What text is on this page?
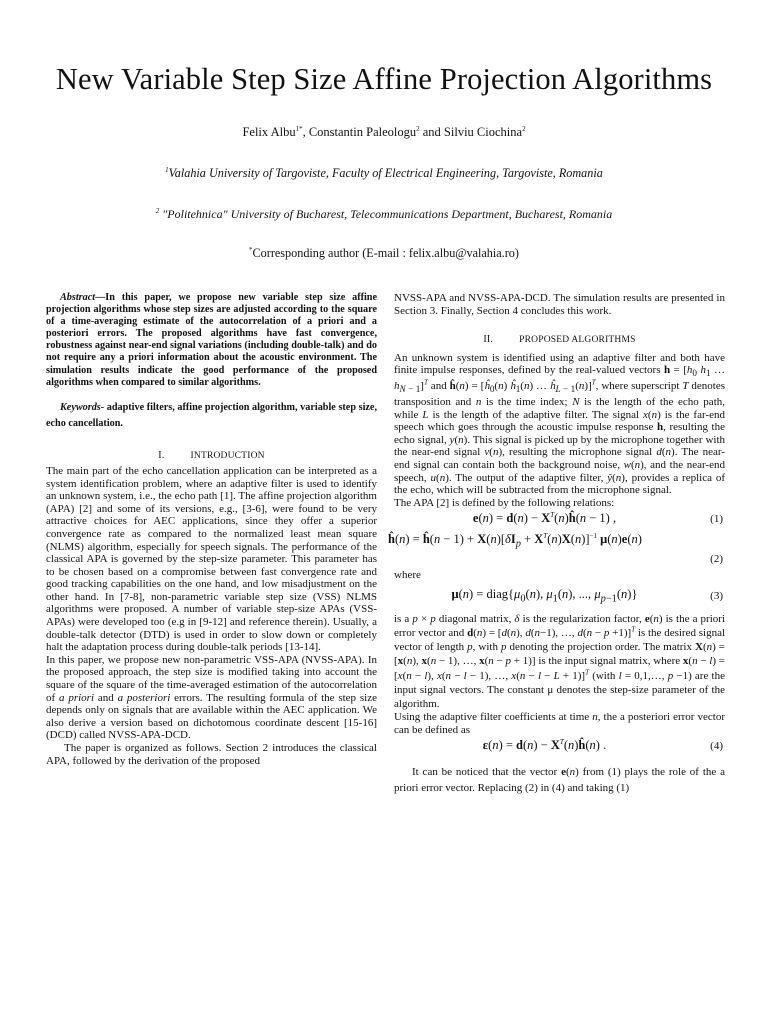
New Variable Step Size Affine Projection Algorithms
Felix Albu$^{1*}$, Constantin Paleologu$^2$ and Silviu Ciochina$^2$
$^1$Valahia University of Targoviste, Faculty of Electrical Engineering, Targoviste, Romania
$^2$ "Politehnica" University of Bucharest, Telecommunications Department, Bucharest, Romania
*Corresponding author (E-mail : felix.albu@valahia.ro)

Abstract—In this paper, we propose new variable step size affine projection algorithms whose step sizes are adjusted according to the square of a time-averaging estimate of the autocorrelation of a priori and a posteriori errors. The proposed algorithms have fast convergence, robustness against near-end signal variations (including double-talk) and do not require any a priori information about the acoustic environment. The simulation results indicate the good performance of the proposed algorithms when compared to similar algorithms.

Keywords- adaptive filters, affine projection algorithm, variable step size, echo cancellation.

I.	INTRODUCTION

The main part of the echo cancellation application can be interpreted as a system identification problem, where an adaptive filter is used to identify an unknown system, i.e., the echo path [1]. The affine projection algorithm (APA) [2] and some of its versions, e.g., [3-6], were found to be very attractive choices for AEC applications, since they offer a superior convergence rate as compared to the normalized least mean square (NLMS) algorithm, especially for speech signals. The performance of the classical APA is governed by the step-size parameter. This parameter has to be chosen based on a compromise between fast convergence rate and good tracking capabilities on the one hand, and low misadjustment on the other hand. In [7-8], non-parametric variable step size (VSS) NLMS algorithms were proposed. A number of variable step-size APAs (VSS-APAs) were developed too (e.g in [9-12] and reference therein). Usually, a double-talk detector (DTD) is used in order to slow down or completely halt the adaptation process during double-talk periods [13-14].

In this paper, we propose new non-parametric VSS-APA (NVSS-APA). In the proposed approach, the step size is modified taking into account the square of the square of the time-averaged estimation of the autocorrelation of a priori and a posteriori errors. The resulting formula of the step size depends only on signals that are available within the AEC application. We also derive a version based on dichotomous coordinate descent [15-16] (DCD) called NVSS-APA-DCD.

The paper is organized as follows. Section 2 introduces the classical APA, followed by the derivation of the proposed

NVSS-APA and NVSS-APA-DCD. The simulation results are presented in Section 3. Finally, Section 4 concludes this work.

II.	PROPOSED ALGORITHMS

An unknown system is identified using an adaptive filter and both have finite impulse responses, defined by the real-valued vectors $h = [h_0$ $h_1$ … $h_{N - 1}]^T$ and ĥ(n) = [$ĥ_0(n)$ $ĥ_1(n)$ … $ĥ_{L - 1}(n)]^T$, where superscript T denotes transposition and n is the time index; N is the length of the echo path, while L is the length of the adaptive filter. The signal x(n) is the far-end speech which goes through the acoustic impulse response h, resulting the echo signal, y(n). This signal is picked up by the microphone together with the near-end signal v(n), resulting the microphone signal d(n). The near-end signal can contain both the background noise, w(n), and the near-end speech, u(n). The output of the adaptive filter, ŷ(n), provides a replica of the echo, which will be subtracted from the microphone signal.

The APA [2] is defined by the following relations:

$e(n) = d(n) - X^T(n)ĥ(n - 1)$ ,	(1)
ĥ(n) = ĥ(n − $1) + X(n)[\delta I_p + X^T(n)X(n)]^{-1}$ μ(n)e(n)
(2)

where

$\mu(n) = diag\{\mu_0(n)$, $\mu_1(n)$, ..., $\mu_{p-1}(n)$}	(3)

is a p × p diagonal matrix, δ is the regularization factor, e(n) is the a priori error vector and d(n) = [d(n), d(n−1), …, d(n − p +1)]$^T$ is the desired signal vector of length p, with p denoting the projection order. The matrix X(n) = [x(n), x(n − 1), …, x(n − p + 1)] is the input signal matrix, where x(n − l) = [x(n − l), x(n − l − 1), …, x(n − l − L + 1)]$^T$ (with l = 0,1,…, p −1) are the input signal vectors. The constant μ denotes the step-size parameter of the algorithm.

Using the adaptive filter coefficients at time n, the a posteriori error vector can be defined as

$\varepsilon(n) = d(n) - X^T(n)ĥ(n)$ .	(4)

It can be noticed that the vector e(n) from (1) plays the role of the a priori error vector. Replacing (2) in (4) and taking (1)
